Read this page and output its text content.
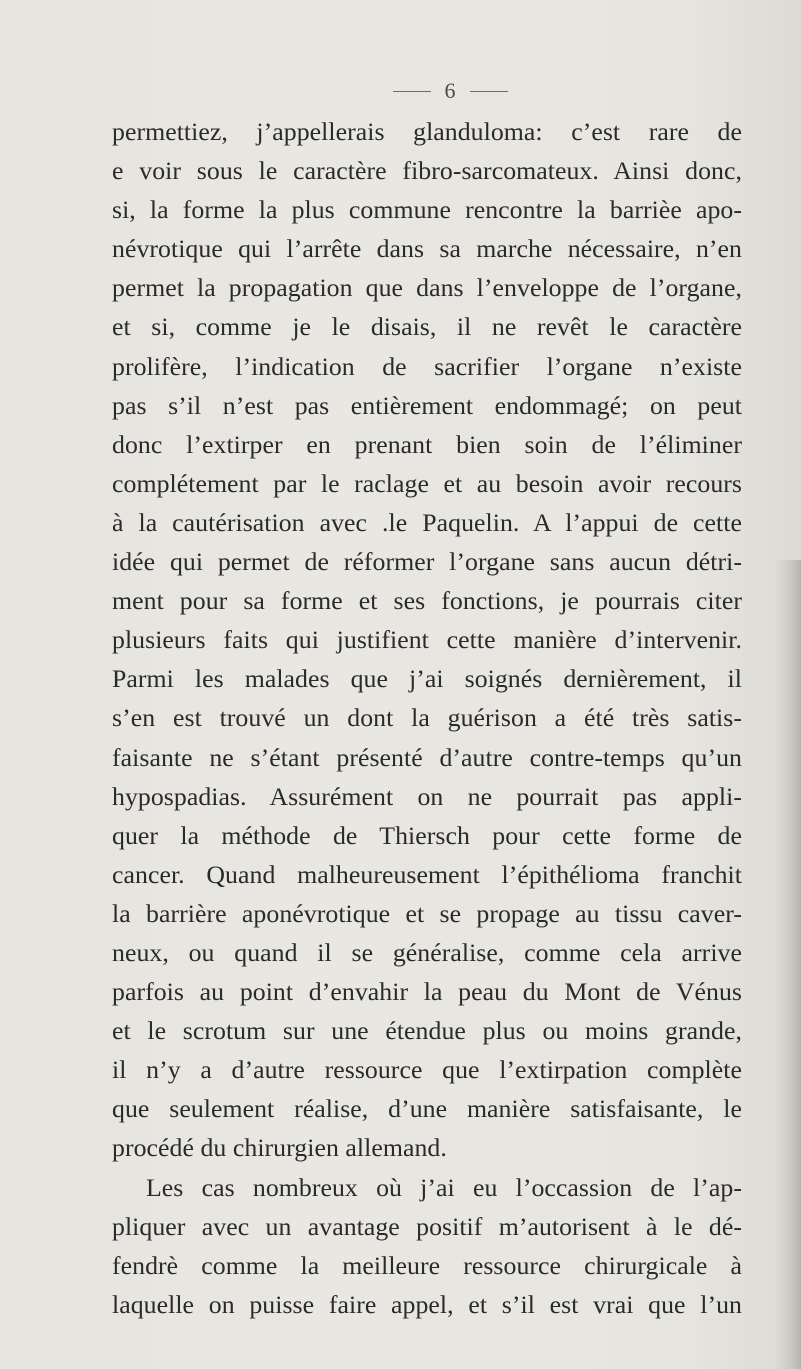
6
permettiez, j’appellerais glanduloma: c’est rare de
e voir sous le caractère fibro-sarcomateux. Ainsi donc,
si, la forme la plus commune rencontre la barrièe apo-
névrotique qui l’arrête dans sa marche nécessaire, n’en
permet la propagation que dans l’enveloppe de l’organe,
et si, comme je le disais, il ne revêt le caractère
prolifère, l’indication de sacrifier l’organe n’existe
pas s’il n’est pas entièrement endommagé; on peut
donc l’extirper en prenant bien soin de l’éliminer
complétement par le raclage et au besoin avoir recours
à la cautérisation avec .le Paquelin. A l’appui de cette
idée qui permet de réformer l’organe sans aucun détri-
ment pour sa forme et ses fonctions, je pourrais citer
plusieurs faits qui justifient cette manière d’intervenir.
Parmi les malades que j’ai soignés dernièrement, il
s’en est trouvé un dont la guérison a été très satis-
faisante ne s’étant présenté d’autre contre-temps qu’un
hypospadias. Assurément on ne pourrait pas appli-
quer la méthode de Thiersch pour cette forme de
cancer. Quand malheureusement l’épithélioma franchit
la barrière aponévrotique et se propage au tissu caver-
neux, ou quand il se généralise, comme cela arrive
parfois au point d’envahir la peau du Mont de Vénus
et le scrotum sur une étendue plus ou moins grande,
il n’y a d’autre ressource que l’extirpation complète
que seulement réalise, d’une manière satisfaisante, le
procédé du chirurgien allemand.
Les cas nombreux où j’ai eu l’occassion de l’ap-
pliquer avec un avantage positif m’autorisent à le dé-
fendrè comme la meilleure ressource chirurgicale à
laquelle on puisse faire appel, et s’il est vrai que l’un
